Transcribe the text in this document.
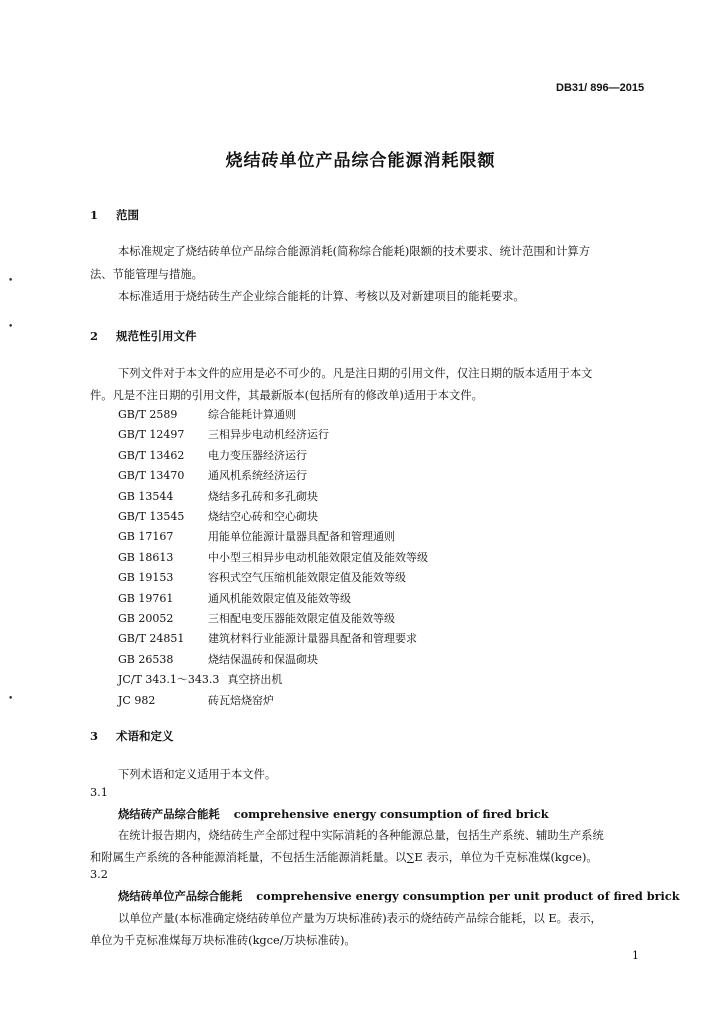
DB31/ 896—2015
烧结砖单位产品综合能源消耗限额
1 范围
本标准规定了烧结砖单位产品综合能源消耗(简称综合能耗)限额的技术要求、统计范围和计算方
法、节能管理与措施。
本标准适用于烧结砖生产企业综合能耗的计算、考核以及对新建项目的能耗要求。
2 规范性引用文件
下列文件对于本文件的应用是必不可少的。凡是注日期的引用文件，仅注日期的版本适用于本文
件。凡是不注日期的引用文件，其最新版本(包括所有的修改单)适用于本文件。
GB/T 2589	综合能耗计算通则
GB/T 12497 三相异步电动机经济运行
GB/T 13462 电力变压器经济运行
GB/T 13470 通风机系统经济运行
GB 13544	烧结多孔砖和多孔砌块
GB/T 13545 烧结空心砖和空心砌块
GB 17167	用能单位能源计量器具配备和管理通则
GB 18613	中小型三相异步电动机能效限定值及能效等级
GB 19153	容积式空气压缩机能效限定值及能效等级
GB 19761	通风机能效限定值及能效等级
GB 20052	三相配电变压器能效限定值及能效等级
GB/T 24851 建筑材料行业能源计量器具配备和管理要求
GB 26538	烧结保温砖和保温砌块
JC/T 343.1～343.3 真空挤出机
JC 982	砖瓦焙烧窑炉
3 术语和定义
下列术语和定义适用于本文件。
3.1
烧结砖产品综合能耗 comprehensive energy consumption of fired brick
在统计报告期内，烧结砖生产全部过程中实际消耗的各种能源总量，包括生产系统、辅助生产系统
和附属生产系统的各种能源消耗量，不包括生活能源消耗量。以∑E 表示，单位为千克标准煤(kgce)。
3.2
烧结砖单位产品综合能耗 comprehensive energy consumption per unit product of fired brick
以单位产量(本标准确定烧结砖单位产量为万块标准砖)表示的烧结砖产品综合能耗，以 E。表示，
单位为千克标准煤每万块标准砖(kgce/万块标准砖)。
1
•
•
•
